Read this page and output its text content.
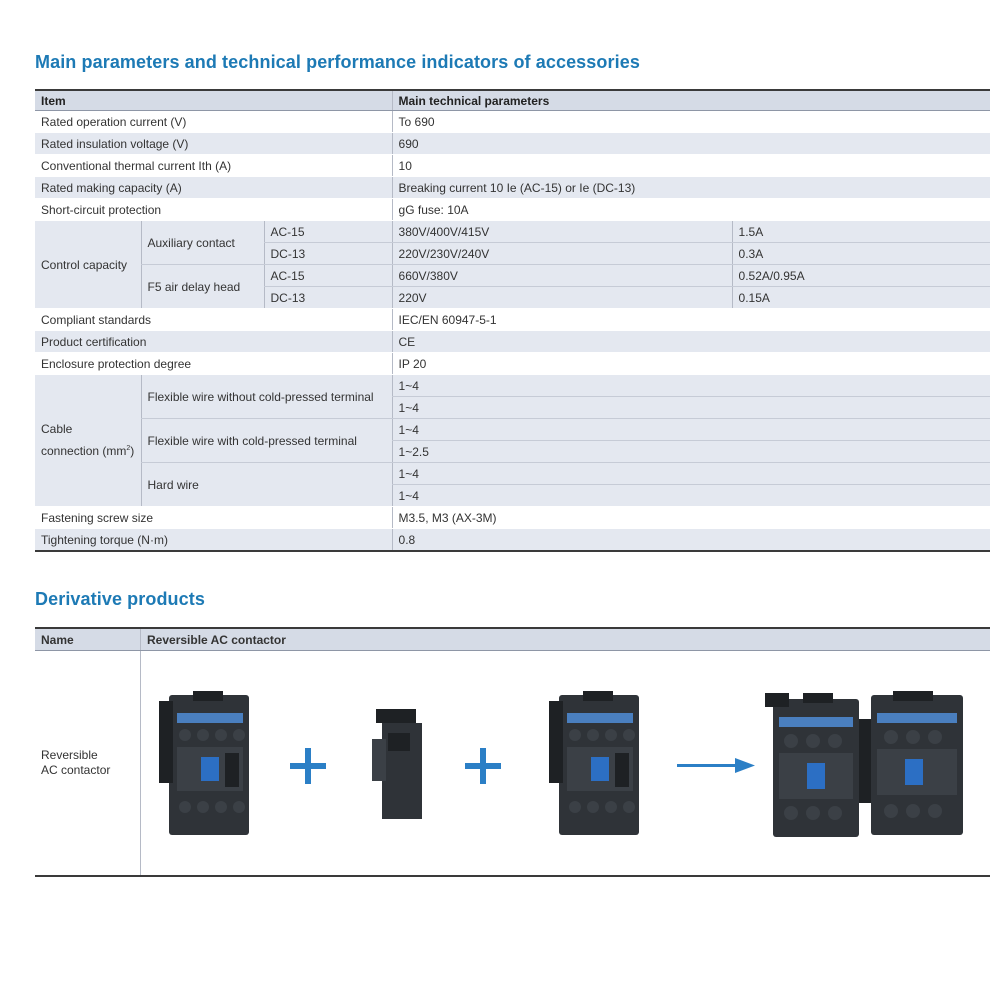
Main parameters and technical performance indicators of accessories
Item			Main technical parameters	
Rated operation current (V)			To 690	
Rated insulation voltage (V)			690	
Conventional thermal current Ith (A)			10	
Rated making capacity (A)			Breaking current 10 Ie (AC-15) or Ie (DC-13)	
Short-circuit protection			gG fuse: 10A	
Control capacity	Auxiliary contact	AC-15	380V/400V/415V	1.5A
		DC-13	220V/230V/240V	0.3A
	F5 air delay head	AC-15	660V/380V	0.52A/0.95A
		DC-13	220V	0.15A
Compliant standards			IEC/EN 60947-5-1	
Product certification			CE	
Enclosure protection degree			IP 20	
Cable
connection $(mm^2)$	Flexible wire without cold-pressed terminal		1~4	
			1~4	
	Flexible wire with cold-pressed terminal		1~4	
			1~2.5	
	Hard wire		1~4	
			1~4	
Fastening screw size			M3.5, M3 (AX-3M)	
Tightening torque (N·m)			0.8	
Derivative products
Name	Reversible AC contactor
Reversible
AC contactor
